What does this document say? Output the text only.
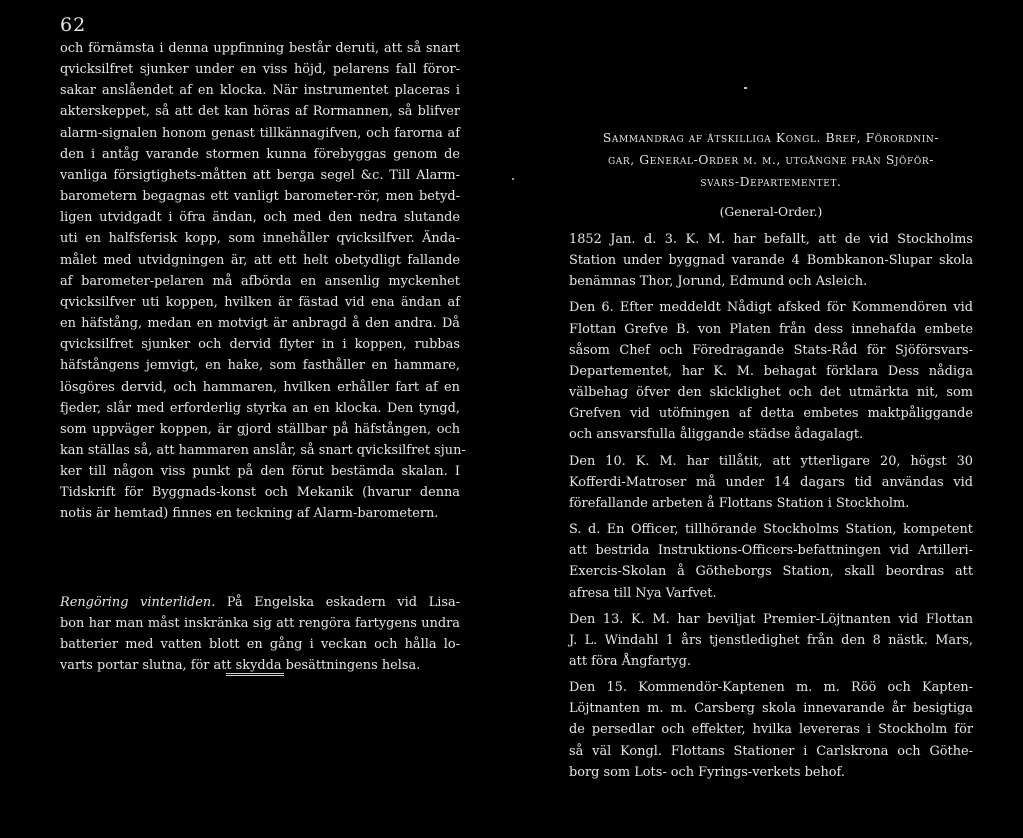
62
och förnämsta i denna uppfinning består deruti, att så snart
qvicksilfret sjunker under en viss höjd, pelarens fall föror-
sakar anslåendet af en klocka. När instrumentet placeras i
akterskeppet, så att det kan höras af Rormannen, så blifver
alarm-signalen honom genast tillkännagifven, och farorna af
den i antåg varande stormen kunna förebyggas genom de
vanliga försigtighets-måtten att berga segel &c. Till Alarm-
barometern begagnas ett vanligt barometer-rör, men betyd-
ligen utvidgadt i öfra ändan, och med den nedra slutande
uti en halfsferisk kopp, som innehåller qvicksilfver. Ända-
målet med utvidgningen är, att ett helt obetydligt fallande
af barometer-pelaren må afbörda en ansenlig myckenhet
qvicksilfver uti koppen, hvilken är fästad vid ena ändan af
en häfstång, medan en motvigt är anbragd å den andra. Då
qvicksilfret sjunker och dervid flyter in i koppen, rubbas
häfstångens jemvigt, en hake, som fasthåller en hammare,
lösgöres dervid, och hammaren, hvilken erhåller fart af en
fjeder, slår med erforderlig styrka an en klocka. Den tyngd,
som uppväger koppen, är gjord ställbar på häfstången, och
kan ställas så, att hammaren anslår, så snart qvicksilfret sjun-
ker till någon viss punkt på den förut bestämda skalan. I
Tidskrift för Byggnads-konst och Mekanik (hvarur denna
notis är hemtad) finnes en teckning af Alarm-barometern.
Rengöring vinterliden. På Engelska eskadern vid Lisa-
bon har man måst inskränka sig att rengöra fartygens undra
batterier med vatten blott en gång i veckan och hålla lo-
varts portar slutna, för att skydda besättningens helsa.
Sammandrag af åtskilliga Kongl. Bref, Förordnin-
gar, General-Order m. m., utgångne från Sjöför-
svars-Departementet.
(General-Order.)
1852 Jan. d. 3. K. M. har befallt, att de vid Stockholms
Station under byggnad varande 4 Bombkanon-Slupar skola
benämnas Thor, Jorund, Edmund och Asleich.
Den 6. Efter meddeldt Nådigt afsked för Kommendören vid
Flottan Grefve B. von Platen från dess innehafda embete
såsom Chef och Föredragande Stats-Råd för Sjöförsvars-
Departementet, har K. M. behagat förklara Dess nådiga
välbehag öfver den skicklighet och det utmärkta nit, som
Grefven vid utöfningen af detta embetes maktpåliggande
och ansvarsfulla åliggande städse ådagalagt.
Den 10. K. M. har tillåtit, att ytterligare 20, högst 30
Kofferdi-Matroser må under 14 dagars tid användas vid
förefallande arbeten å Flottans Station i Stockholm.
S. d. En Officer, tillhörande Stockholms Station, kompetent
att bestrida Instruktions-Officers-befattningen vid Artilleri-
Exercis-Skolan å Götheborgs Station, skall beordras att
afresa till Nya Varfvet.
Den 13. K. M. har beviljat Premier-Löjtnanten vid Flottan
J. L. Windahl 1 års tjenstledighet från den 8 nästk. Mars,
att föra Ångfartyg.
Den 15. Kommendör-Kaptenen m. m. Röö och Kapten-
Löjtnanten m. m. Carsberg skola innevarande år besigtiga
de persedlar och effekter, hvilka levereras i Stockholm för
så väl Kongl. Flottans Stationer i Carlskrona och Göthe-
borg som Lots- och Fyrings-verkets behof.
